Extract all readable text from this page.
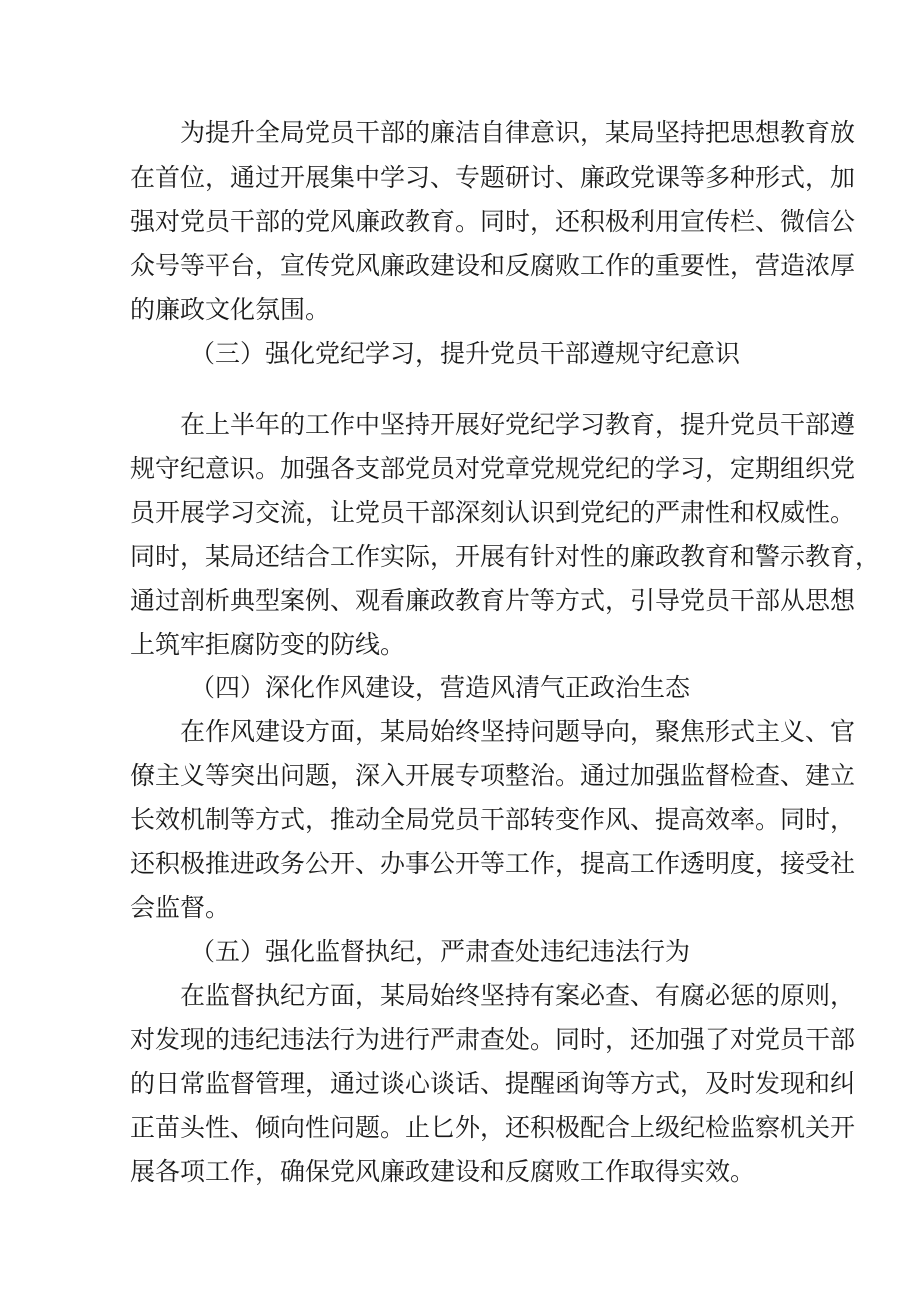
为提升全局党员干部的廉洁自律意识，某局坚持把思想教育放
在首位，通过开展集中学习、专题研讨、廉政党课等多种形式，加
强对党员干部的党风廉政教育。同时，还积极利用宣传栏、微信公
众号等平台，宣传党风廉政建设和反腐败工作的重要性，营造浓厚
的廉政文化氛围。
（三）强化党纪学习，提升党员干部遵规守纪意识
在上半年的工作中坚持开展好党纪学习教育，提升党员干部遵
规守纪意识。加强各支部党员对党章党规党纪的学习，定期组织党
员开展学习交流，让党员干部深刻认识到党纪的严肃性和权威性。
同时，某局还结合工作实际，开展有针对性的廉政教育和警示教育，
通过剖析典型案例、观看廉政教育片等方式，引导党员干部从思想
上筑牢拒腐防变的防线。
（四）深化作风建设，营造风清气正政治生态
在作风建设方面，某局始终坚持问题导向，聚焦形式主义、官
僚主义等突出问题，深入开展专项整治。通过加强监督检查、建立
长效机制等方式，推动全局党员干部转变作风、提高效率。同时，
还积极推进政务公开、办事公开等工作，提高工作透明度，接受社
会监督。
（五）强化监督执纪，严肃查处违纪违法行为
在监督执纪方面，某局始终坚持有案必查、有腐必惩的原则，
对发现的违纪违法行为进行严肃查处。同时，还加强了对党员干部
的日常监督管理，通过谈心谈话、提醒函询等方式，及时发现和纠
正苗头性、倾向性问题。止匕外，还积极配合上级纪检监察机关开
展各项工作，确保党风廉政建设和反腐败工作取得实效。
